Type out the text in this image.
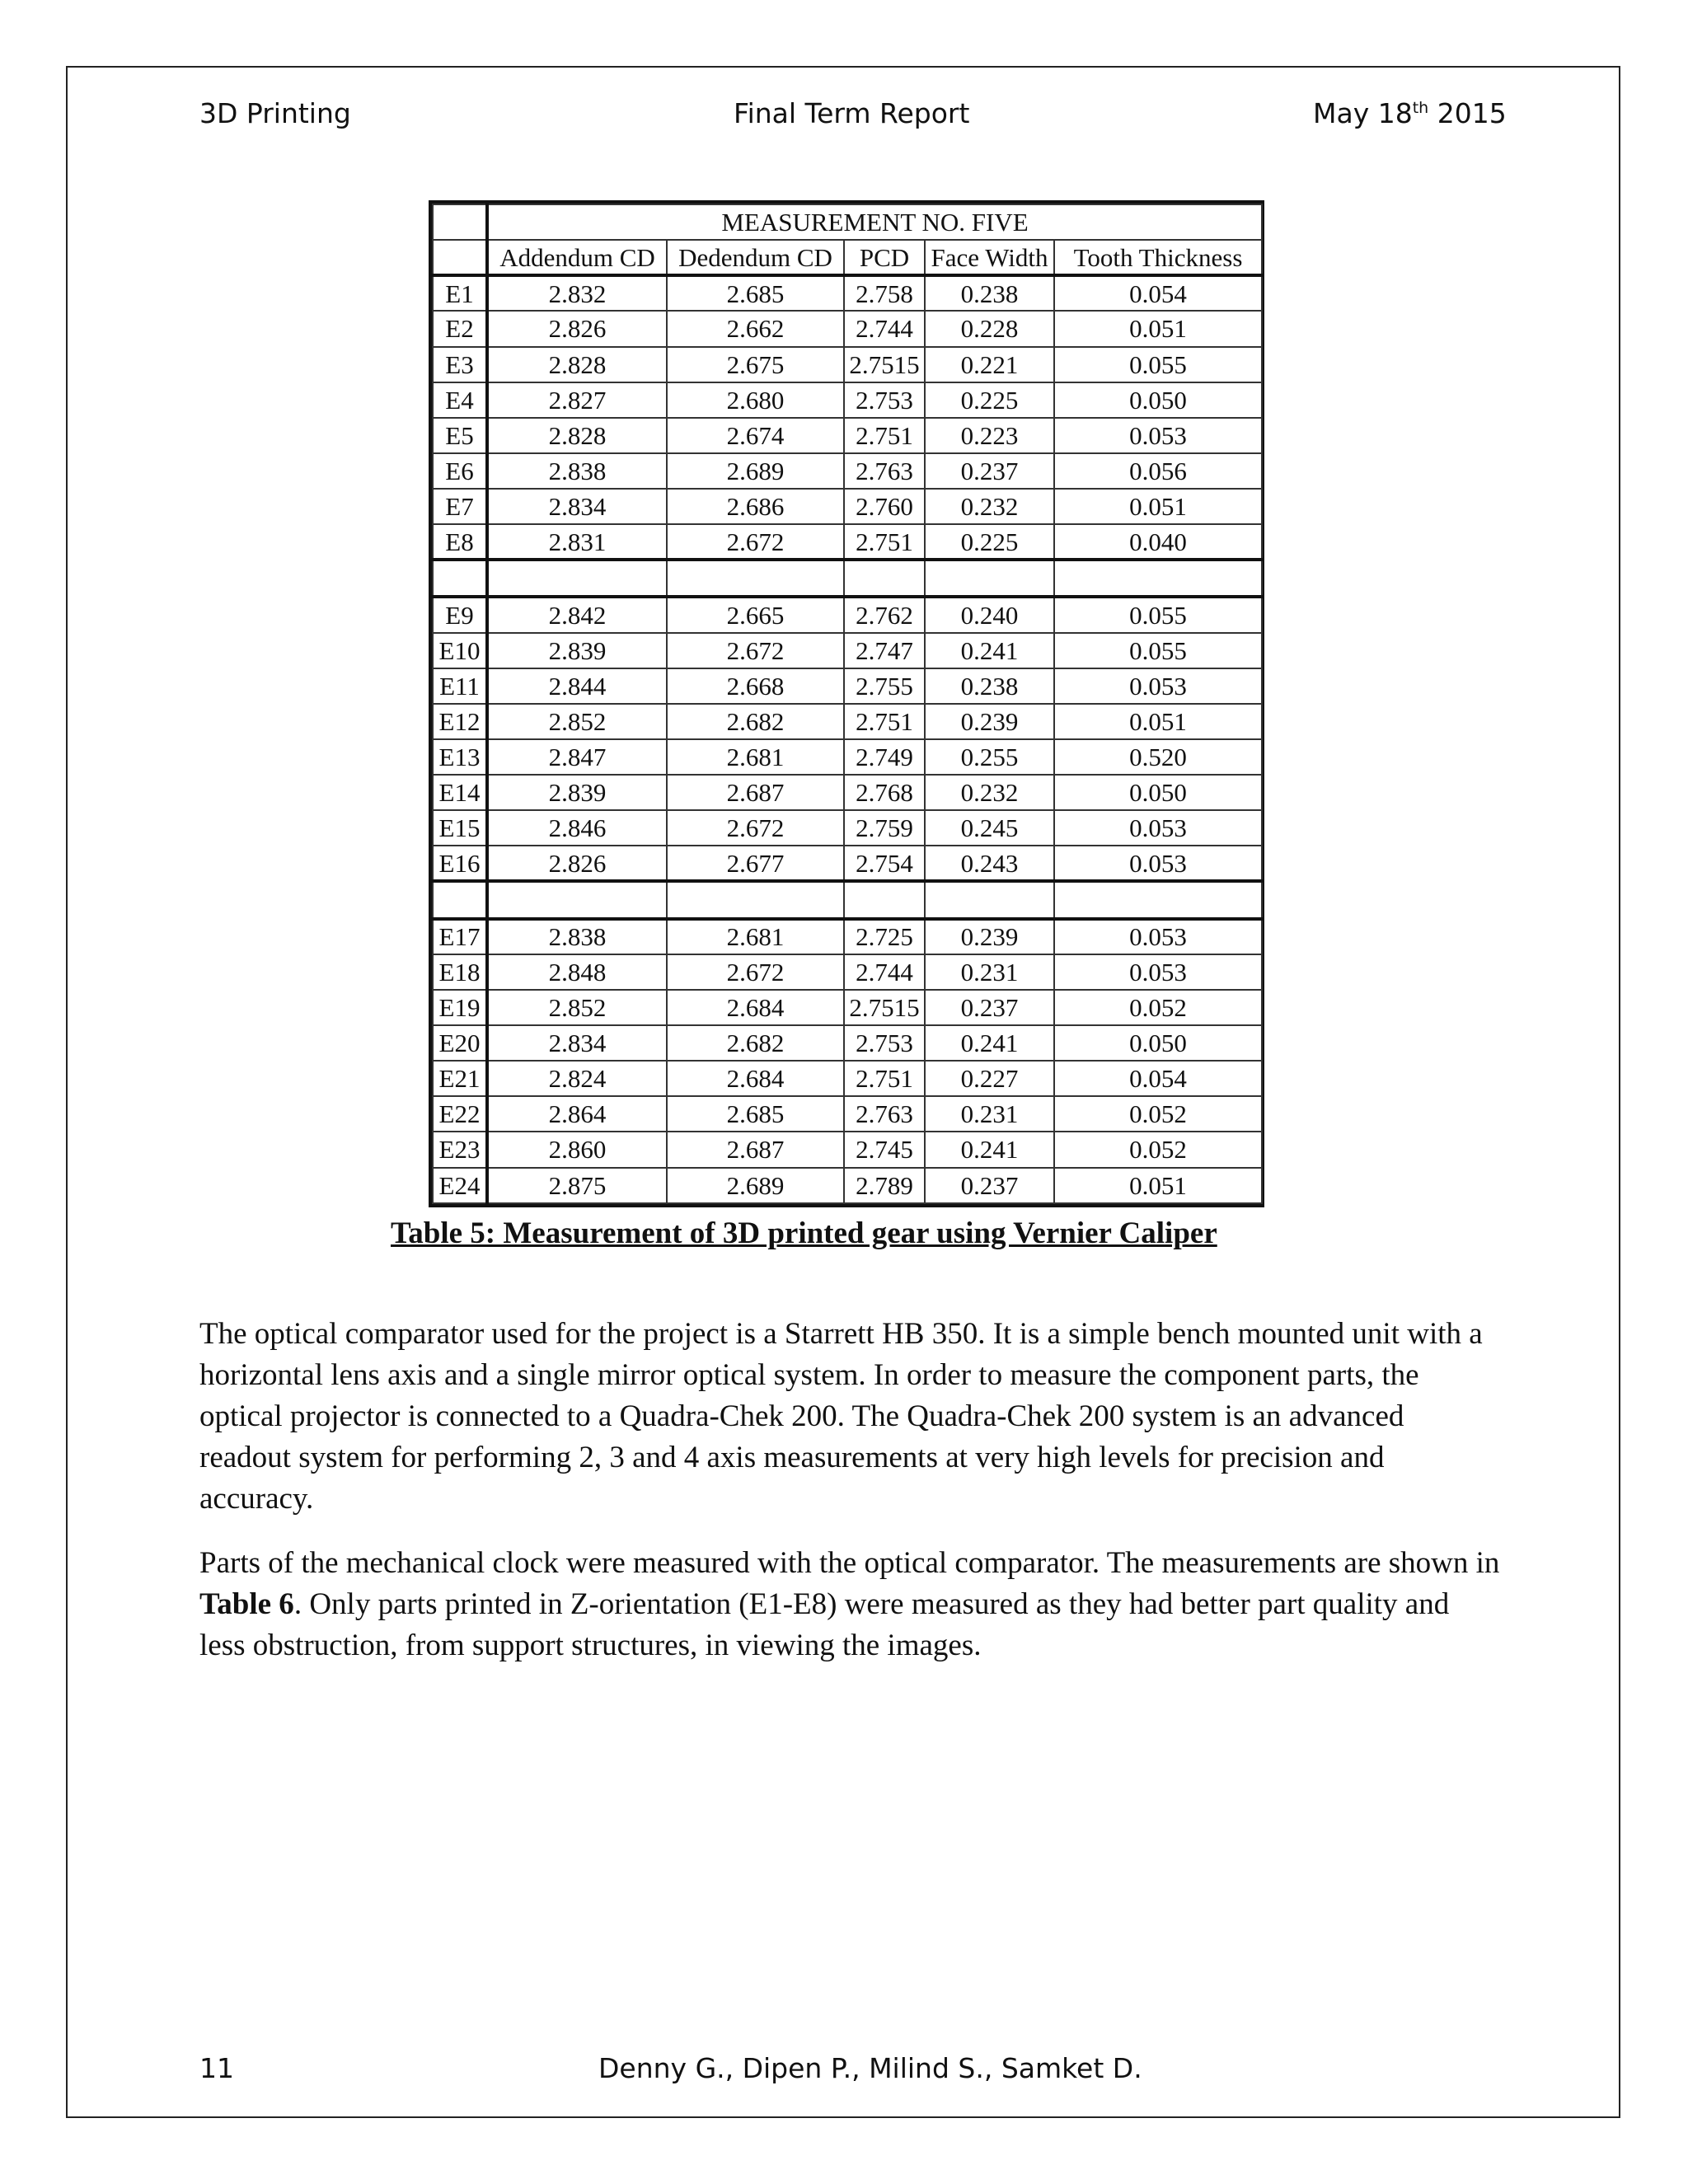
3D Printing	Final Term Report	May 18th 2015
	MEASUREMENT NO. FIVE				
	Addendum CD	Dedendum CD	PCD	Face Width	Tooth Thickness
E1	2.832	2.685	2.758	0.238	0.054
E2	2.826	2.662	2.744	0.228	0.051
E3	2.828	2.675	2.7515	0.221	0.055
E4	2.827	2.680	2.753	0.225	0.050
E5	2.828	2.674	2.751	0.223	0.053
E6	2.838	2.689	2.763	0.237	0.056
E7	2.834	2.686	2.760	0.232	0.051
E8	2.831	2.672	2.751	0.225	0.040

E9	2.842	2.665	2.762	0.240	0.055
E10	2.839	2.672	2.747	0.241	0.055
E11	2.844	2.668	2.755	0.238	0.053
E12	2.852	2.682	2.751	0.239	0.051
E13	2.847	2.681	2.749	0.255	0.520
E14	2.839	2.687	2.768	0.232	0.050
E15	2.846	2.672	2.759	0.245	0.053
E16	2.826	2.677	2.754	0.243	0.053

E17	2.838	2.681	2.725	0.239	0.053
E18	2.848	2.672	2.744	0.231	0.053
E19	2.852	2.684	2.7515	0.237	0.052
E20	2.834	2.682	2.753	0.241	0.050
E21	2.824	2.684	2.751	0.227	0.054
E22	2.864	2.685	2.763	0.231	0.052
E23	2.860	2.687	2.745	0.241	0.052
E24	2.875	2.689	2.789	0.237	0.051
Table 5: Measurement of 3D printed gear using Vernier Caliper

The optical comparator used for the project is a Starrett HB 350. It is a simple bench mounted unit with a horizontal lens axis and a single mirror optical system. In order to measure the component parts, the optical projector is connected to a Quadra-Chek 200. The Quadra-Chek 200 system is an advanced readout system for performing 2, 3 and 4 axis measurements at very high levels for precision and accuracy.

Parts of the mechanical clock were measured with the optical comparator. The measurements are shown in Table 6. Only parts printed in Z-orientation (E1-E8) were measured as they had better part quality and less obstruction, from support structures, in viewing the images.

11	Denny G., Dipen P., Milind S., Samket D.
